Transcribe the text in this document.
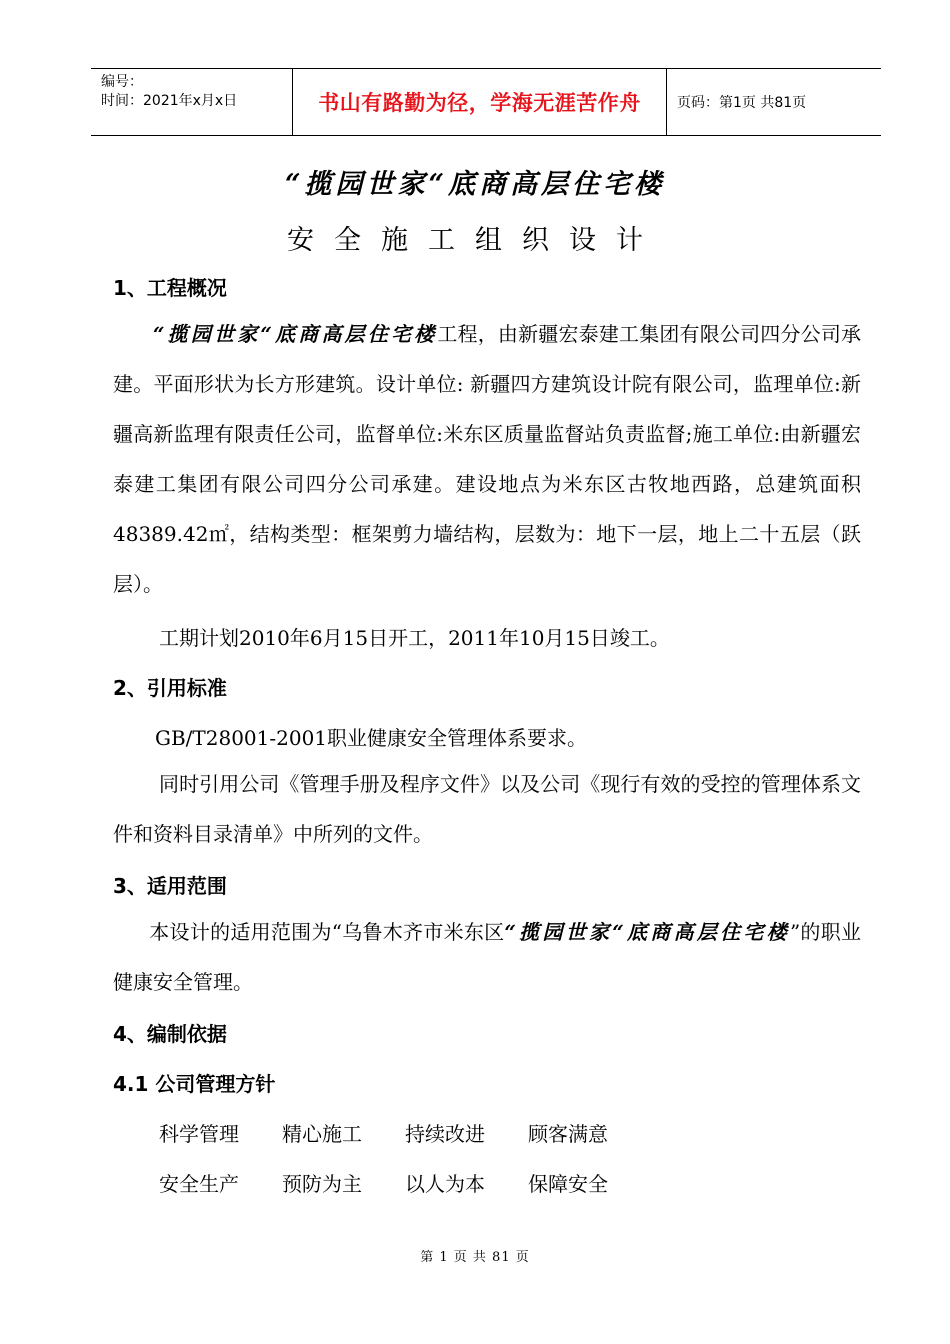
编号：
时间：2021年x月x日	书山有路勤为径，学海无涯苦作舟	页码：第1页 共81页
“揽园世家“底商高层住宅楼
安全施工组织设计
1、工程概况
“揽园世家“底商高层住宅楼工程，由新疆宏泰建工集团有限公司四分公司承建。平面形状为长方形建筑。设计单位: 新疆四方建筑设计院有限公司，监理单位:新疆高新监理有限责任公司，监督单位:米东区质量监督站负责监督;施工单位:由新疆宏泰建工集团有限公司四分公司承建。建设地点为米东区古牧地西路，总建筑面积48389.42㎡，结构类型：框架剪力墙结构，层数为：地下一层，地上二十五层（跃层）。
工期计划2010年6月15日开工，2011年10月15日竣工。
2、引用标准
GB/T28001-2001职业健康安全管理体系要求。
同时引用公司《管理手册及程序文件》以及公司《现行有效的受控的管理体系文件和资料目录清单》中所列的文件。
3、适用范围
本设计的适用范围为“乌鲁木齐市米东区“揽园世家“底商高层住宅楼”的职业健康安全管理。
4、编制依据
4.1 公司管理方针
科学管理	精心施工	持续改进	顾客满意
安全生产	预防为主	以人为本	保障安全
第 1 页 共 81 页
